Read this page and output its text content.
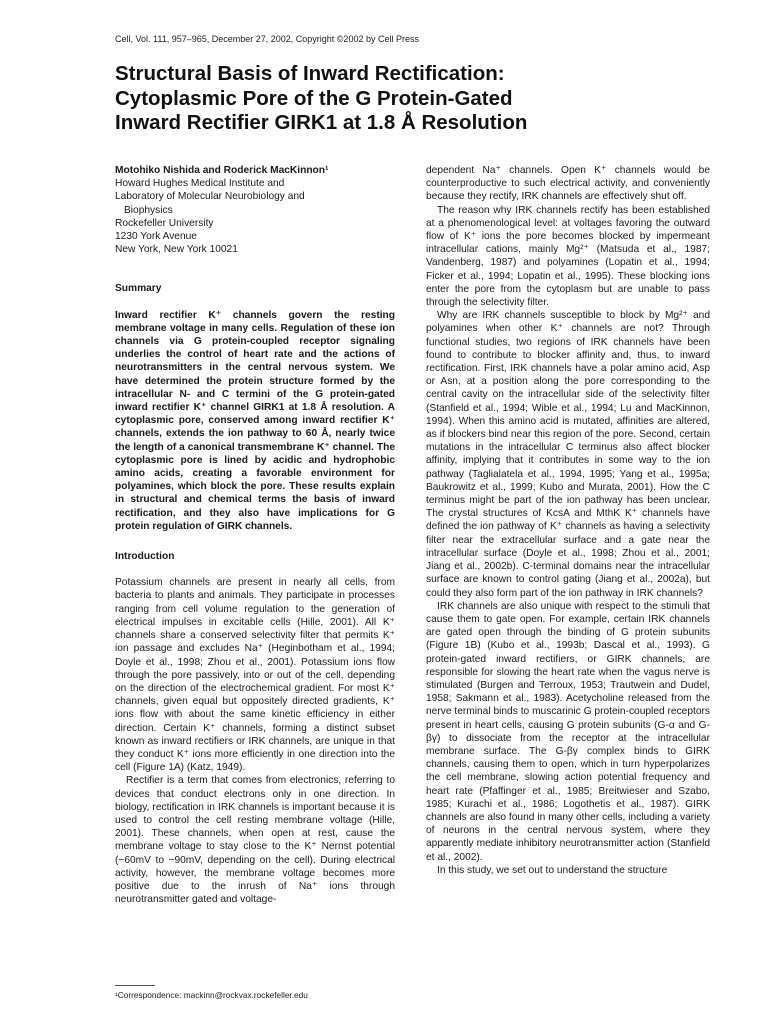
Cell, Vol. 111, 957–965, December 27, 2002, Copyright ©2002 by Cell Press
Structural Basis of Inward Rectification:
Cytoplasmic Pore of the G Protein-Gated
Inward Rectifier GIRK1 at 1.8 Å Resolution
Motohiko Nishida and Roderick MacKinnon¹
Howard Hughes Medical Institute and
Laboratory of Molecular Neurobiology and
Biophysics
Rockefeller University
1230 York Avenue
New York, New York 10021
Summary

Inward rectifier K⁺ channels govern the resting membrane voltage in many cells. Regulation of these ion channels via G protein-coupled receptor signaling underlies the control of heart rate and the actions of neurotransmitters in the central nervous system. We have determined the protein structure formed by the intracellular N- and C termini of the G protein-gated inward rectifier K⁺ channel GIRK1 at 1.8 Å resolution. A cytoplasmic pore, conserved among inward rectifier K⁺ channels, extends the ion pathway to 60 Å, nearly twice the length of a canonical transmembrane K⁺ channel. The cytoplasmic pore is lined by acidic and hydrophobic amino acids, creating a favorable environment for polyamines, which block the pore. These results explain in structural and chemical terms the basis of inward rectification, and they also have implications for G protein regulation of GIRK channels.

Introduction

Potassium channels are present in nearly all cells, from bacteria to plants and animals. They participate in processes ranging from cell volume regulation to the generation of electrical impulses in excitable cells (Hille, 2001). All K⁺ channels share a conserved selectivity filter that permits K⁺ ion passage and excludes Na⁺ (Heginbotham et al., 1994; Doyle et al., 1998; Zhou et al., 2001). Potassium ions flow through the pore passively, into or out of the cell, depending on the direction of the electrochemical gradient. For most K⁺ channels, given equal but oppositely directed gradients, K⁺ ions flow with about the same kinetic efficiency in either direction. Certain K⁺ channels, forming a distinct subset known as inward rectifiers or IRK channels, are unique in that they conduct K⁺ ions more efficiently in one direction into the cell (Figure 1A) (Katz, 1949).

Rectifier is a term that comes from electronics, referring to devices that conduct electrons only in one direction. In biology, rectification in IRK channels is important because it is used to control the cell resting membrane voltage (Hille, 2001). These channels, when open at rest, cause the membrane voltage to stay close to the K⁺ Nernst potential (−60mV to −90mV, depending on the cell). During electrical activity, however, the membrane voltage becomes more positive due to the inrush of Na⁺ ions through neurotransmitter gated and voltage-

dependent Na⁺ channels. Open K⁺ channels would be counterproductive to such electrical activity, and conveniently because they rectify, IRK channels are effectively shut off.

The reason why IRK channels rectify has been established at a phenomenological level: at voltages favoring the outward flow of K⁺ ions the pore becomes blocked by impermeant intracellular cations, mainly Mg²⁺ (Matsuda et al., 1987; Vandenberg, 1987) and polyamines (Lopatin et al., 1994; Ficker et al., 1994; Lopatin et al., 1995). These blocking ions enter the pore from the cytoplasm but are unable to pass through the selectivity filter.

Why are IRK channels susceptible to block by Mg²⁺ and polyamines when other K⁺ channels are not? Through functional studies, two regions of IRK channels have been found to contribute to blocker affinity and, thus, to inward rectification. First, IRK channels have a polar amino acid, Asp or Asn, at a position along the pore corresponding to the central cavity on the intracellular side of the selectivity filter (Stanfield et al., 1994; Wible et al., 1994; Lu and MacKinnon, 1994). When this amino acid is mutated, affinities are altered, as if blockers bind near this region of the pore. Second, certain mutations in the intracellular C terminus also affect blocker affinity, implying that it contributes in some way to the ion pathway (Taglialatela et al., 1994, 1995; Yang et al., 1995a; Baukrowitz et al., 1999; Kubo and Murata, 2001). How the C terminus might be part of the ion pathway has been unclear. The crystal structures of KcsA and MthK K⁺ channels have defined the ion pathway of K⁺ channels as having a selectivity filter near the extracellular surface and a gate near the intracellular surface (Doyle et al., 1998; Zhou et al., 2001; Jiang et al., 2002b). C-terminal domains near the intracellular surface are known to control gating (Jiang et al., 2002a), but could they also form part of the ion pathway in IRK channels?

IRK channels are also unique with respect to the stimuli that cause them to gate open. For example, certain IRK channels are gated open through the binding of G protein subunits (Figure 1B) (Kubo et al., 1993b; Dascal et al., 1993). G protein-gated inward rectifiers, or GIRK channels, are responsible for slowing the heart rate when the vagus nerve is stimulated (Burgen and Terroux, 1953; Trautwein and Dudel, 1958; Sakmann et al., 1983). Acetycholine released from the nerve terminal binds to muscarinic G protein-coupled receptors present in heart cells, causing G protein subunits (G-α and G-βγ) to dissociate from the receptor at the intracellular membrane surface. The G-βγ complex binds to GIRK channels, causing them to open, which in turn hyperpolarizes the cell membrane, slowing action potential frequency and heart rate (Pfaffinger et al., 1985; Breitwieser and Szabo, 1985; Kurachi et al., 1986; Logothetis et al., 1987). GIRK channels are also found in many other cells, including a variety of neurons in the central nervous system, where they apparently mediate inhibitory neurotransmitter action (Stanfield et al., 2002).

In this study, we set out to understand the structure

¹Correspondence: mackinn@rockvax.rockefeller.edu
